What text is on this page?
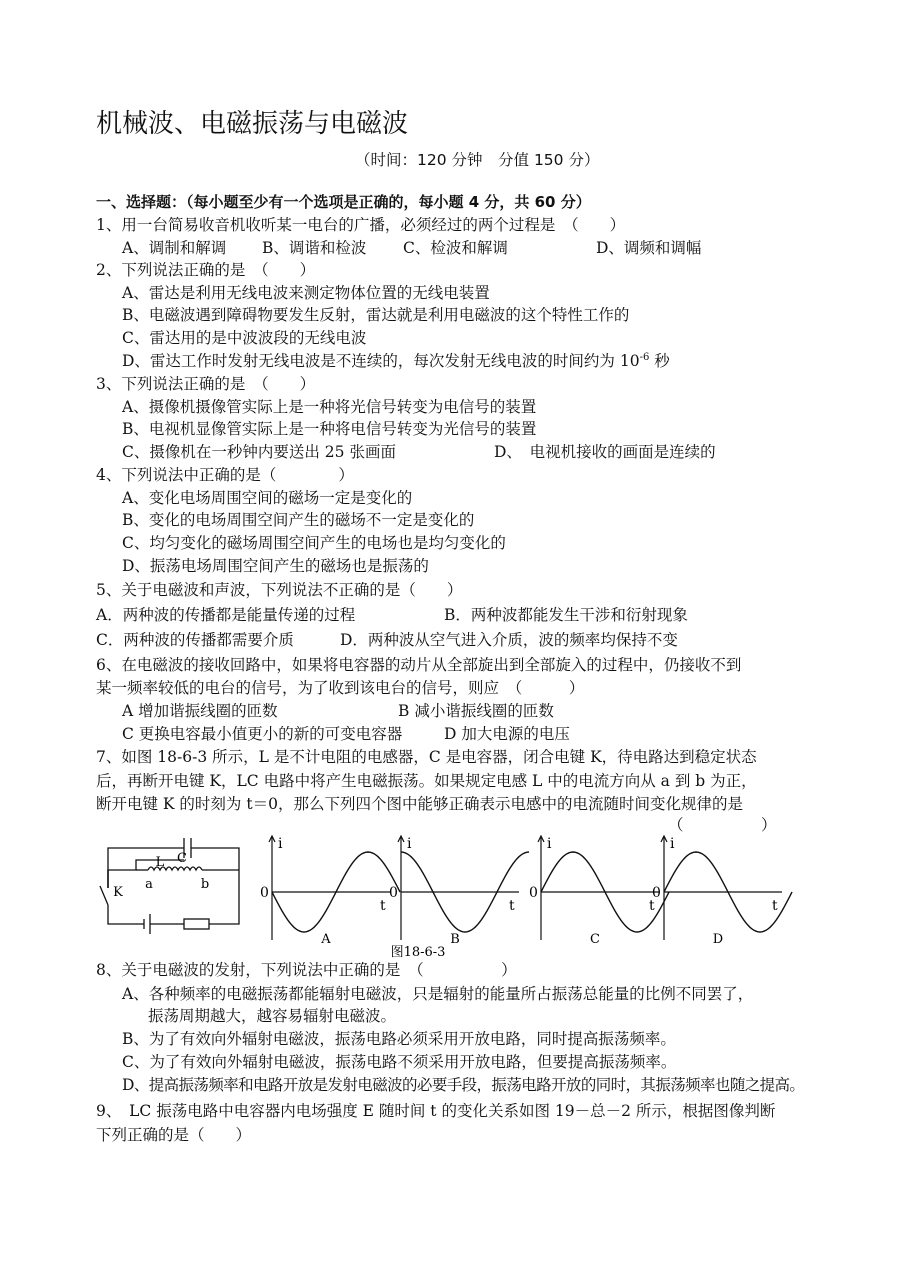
机械波、电磁振荡与电磁波
（时间：120 分钟　分值 150 分）
一、选择题：（每小题至少有一个选项是正确的，每小题 4 分，共 60 分）
1、用一台简易收音机收听某一电台的广播，必须经过的两个过程是　（　　）
A、调制和解调 B、调谐和检波 C、检波和解调	D、调频和调幅
2、下列说法正确的是　（　　）
A、雷达是利用无线电波来测定物体位置的无线电装置
B、电磁波遇到障碍物要发生反射，雷达就是利用电磁波的这个特性工作的
C、雷达用的是中波波段的无线电波
D、雷达工作时发射无线电波是不连续的，每次发射无线电波的时间约为 $10^{-6}$ 秒
3、下列说法正确的是　（　　）
A、摄像机摄像管实际上是一种将光信号转变为电信号的装置
B、电视机显像管实际上是一种将电信号转变为光信号的装置
C、摄像机在一秒钟内要送出 25 张画面	D、　电视机接收的画面是连续的
4、下列说法中正确的是（　　　　）
A、变化电场周围空间的磁场一定是变化的
B、变化的电场周围空间产生的磁场不一定是变化的
C、均匀变化的磁场周围空间产生的电场也是均匀变化的
D、振荡电场周围空间产生的磁场也是振荡的
5、关于电磁波和声波，下列说法不正确的是（　　）
A．两种波的传播都是能量传递的过程	B．两种波都能发生干涉和衍射现象
C．两种波的传播都需要介质	D．两种波从空气进入介质，波的频率均保持不变
6、在电磁波的接收回路中，如果将电容器的动片从全部旋出到全部旋入的过程中，仍接收不到
某一频率较低的电台的信号，为了收到该电台的信号，则应　（　　　）
A 增加谐振线圈的匝数	B 减小谐振线圈的匝数
C 更换电容最小值更小的新的可变电容器	D 加大电源的电压
7、如图 18-6-3 所示，L 是不计电阻的电感器，C 是电容器，闭合电键 K，待电路达到稳定状态
后，再断开电键 K，LC 电路中将产生电磁振荡。如果规定电感 L 中的电流方向从 a 到 b 为正，
断开电键 K 的时刻为 t＝0，那么下列四个图中能够正确表示电感中的电流随时间变化规律的是
（　　　　　）
C
L
a	b
K
i
0
t
A
i
0
t
B
i
0
t
C
i
0
t
D
图18-6-3
8、关于电磁波的发射，下列说法中正确的是　（　　　　　）
A、各种频率的电磁振荡都能辐射电磁波，只是辐射的能量所占振荡总能量的比例不同罢了，
振荡周期越大，越容易辐射电磁波。
B、为了有效向外辐射电磁波，振荡电路必须采用开放电路，同时提高振荡频率。
C、为了有效向外辐射电磁波，振荡电路不须采用开放电路，但要提高振荡频率。
D、提高振荡频率和电路开放是发射电磁波的必要手段，振荡电路开放的同时，其振荡频率也随之提高。
9、　LC 振荡电路中电容器内电场强度 E 随时间 t 的变化关系如图 19－总－2 所示，根据图像判断
下列正确的是（　　）
